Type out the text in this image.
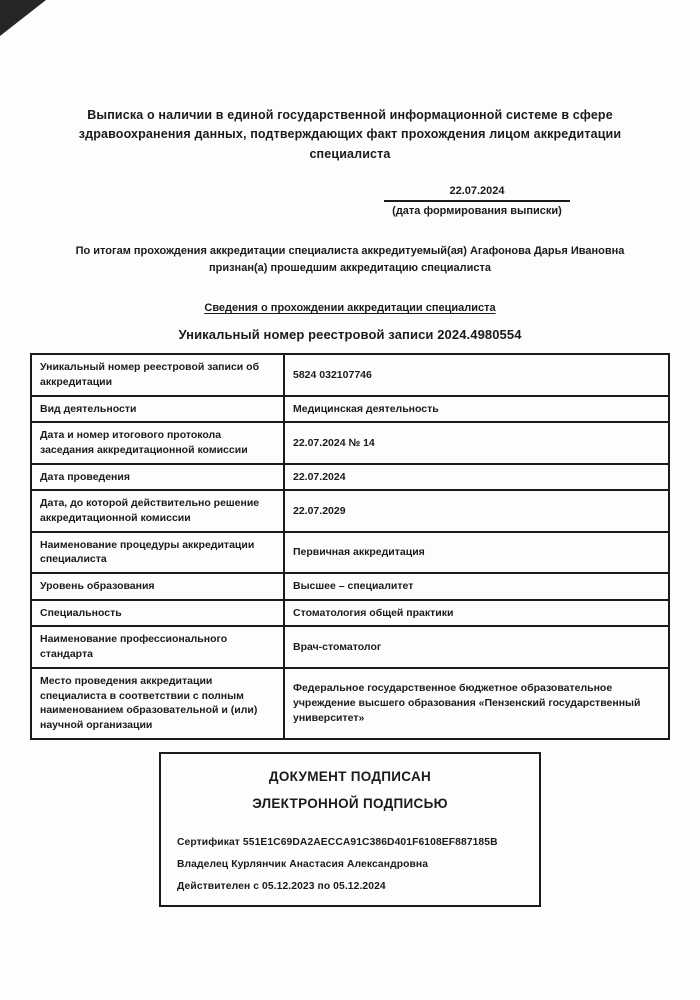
Выписка о наличии в единой государственной информационной системе в сфере здравоохранения данных, подтверждающих факт прохождения лицом аккредитации специалиста
22.07.2024
(дата формирования выписки)
По итогам прохождения аккредитации специалиста аккредитуемый(ая) Агафонова Дарья Ивановна признан(а) прошедшим аккредитацию специалиста
Сведения о прохождении аккредитации специалиста
Уникальный номер реестровой записи 2024.4980554
Уникальный номер реестровой записи об аккредитации	5824 032107746
Вид деятельности	Медицинская деятельность
Дата и номер итогового протокола заседания аккредитационной комиссии	22.07.2024 № 14
Дата проведения	22.07.2024
Дата, до которой действительно решение аккредитационной комиссии	22.07.2029
Наименование процедуры аккредитации специалиста	Первичная аккредитация
Уровень образования	Высшее – специалитет
Специальность	Стоматология общей практики
Наименование профессионального стандарта	Врач-стоматолог
Место проведения аккредитации специалиста в соответствии с полным наименованием образовательной и (или) научной организации	Федеральное государственное бюджетное образовательное учреждение высшего образования «Пензенский государственный университет»
ДОКУМЕНТ ПОДПИСАН
ЭЛЕКТРОННОЙ ПОДПИСЬЮ
Сертификат 551E1C69DA2AECCA91C386D401F6108EF887185B
Владелец Курлянчик Анастасия Александровна
Действителен с 05.12.2023 по 05.12.2024
